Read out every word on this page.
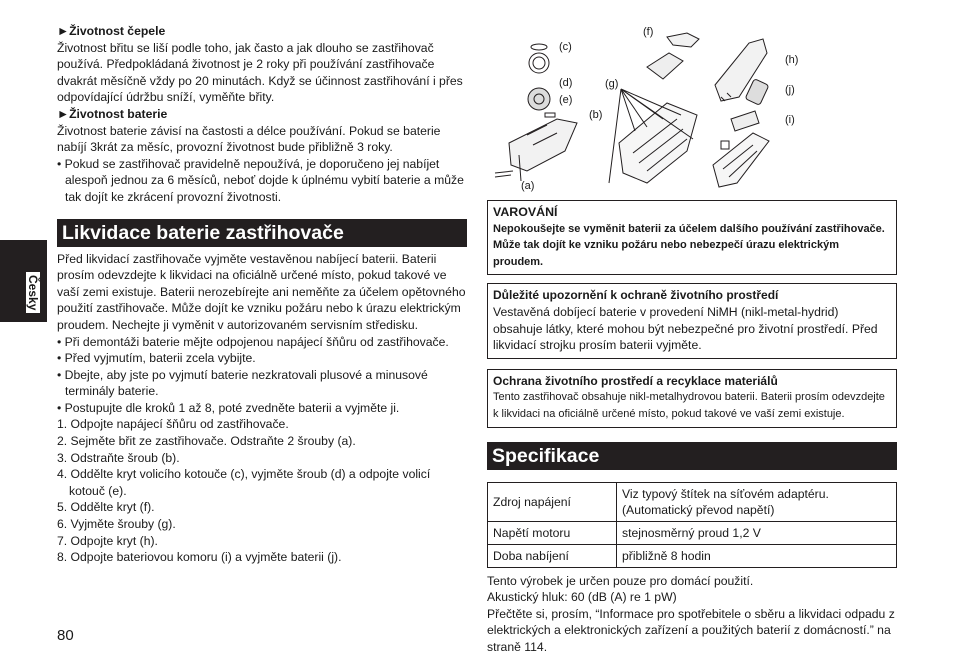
Česky

►Životnost čepele

Životnost břitu se liší podle toho, jak často a jak dlouho se zastřihovač používá. Předpokládaná životnost je 2 roky při používání zastřihovače dvakrát měsíčně vždy po 20 minutách. Když se účinnost zastřihování i přes odpovídající údržbu sníží, vyměňte břity.

►Životnost baterie

Životnost baterie závisí na častosti a délce používání. Pokud se baterie nabíjí 3krát za měsíc, provozní životnost bude přibližně 3 roky.

• Pokud se zastřihovač pravidelně nepoužívá, je doporučeno jej nabíjet alespoň jednou za 6 měsíců, neboť dojde k úplnému vybití baterie a může tak dojít ke zkrácení provozní životnosti.

Likvidace baterie zastřihovače

Před likvidací zastřihovače vyjměte vestavěnou nabíjecí baterii. Baterii prosím odevzdejte k likvidaci na oficiálně určené místo, pokud takové ve vaší zemi existuje. Baterii nerozebírejte ani neměňte za účelem opětovného použití zastřihovače. Může dojít ke vzniku požáru nebo k úrazu elektrickým proudem. Nechejte ji vyměnit v autorizovaném servisním středisku.

• Při demontáži baterie mějte odpojenou napájecí šňůru od zastřihovače.

• Před vyjmutím, baterii zcela vybijte.

• Dbejte, aby jste po vyjmutí baterie nezkratovali plusové a minusové terminály baterie.

• Postupujte dle kroků 1 až 8, poté zvedněte baterii a vyjměte ji.

1. Odpojte napájecí šňůru od zastřihovače.

2. Sejměte břit ze zastřihovače. Odstraňte 2 šrouby (a).

3. Odstraňte šroub (b).

4. Oddělte kryt volicího kotouče (c), vyjměte šroub (d) a odpojte volicí kotouč (e).

5. Oddělte kryt (f).

6. Vyjměte šrouby (g).

7. Odpojte kryt (h).

8. Odpojte bateriovou komoru (i) a vyjměte baterii (j).

80
(c)
(d)
(e)
(b)
(a)
(f)
(g)
(h)
(j)
(i)
VAROVÁNÍ
Nepokoušejte se vyměnit baterii za účelem dalšího používání zastřihovače. Může tak dojít ke vzniku požáru nebo nebezpečí úrazu elektrickým proudem.
Důležité upozornění k ochraně životního prostředí
Vestavěná dobíjecí baterie v provedení NiMH (nikl-metal-hydrid) obsahuje látky, které mohou být nebezpečné pro životní prostředí. Před likvidací strojku prosím baterii vyjměte.
Ochrana životního prostředí a recyklace materiálů
Tento zastřihovač obsahuje nikl-metalhydrovou baterii. Baterii prosím odevzdejte k likvidaci na oficiálně určené místo, pokud takové ve vaší zemi existuje.

Specifikace

Zdroj napájení	Viz typový štítek na síťovém adaptéru. (Automatický převod napětí)
Napětí motoru	stejnosměrný proud 1,2 V
Doba nabíjení	přibližně 8 hodin

Tento výrobek je určen pouze pro domácí použití.

Akustický hluk: 60 (dB (A) re 1 pW)

Přečtěte si, prosím, “Informace pro spotřebitele o sběru a likvidaci odpadu z elektrických a elektronických zařízení a použitých baterií z domácností.” na straně 114.
